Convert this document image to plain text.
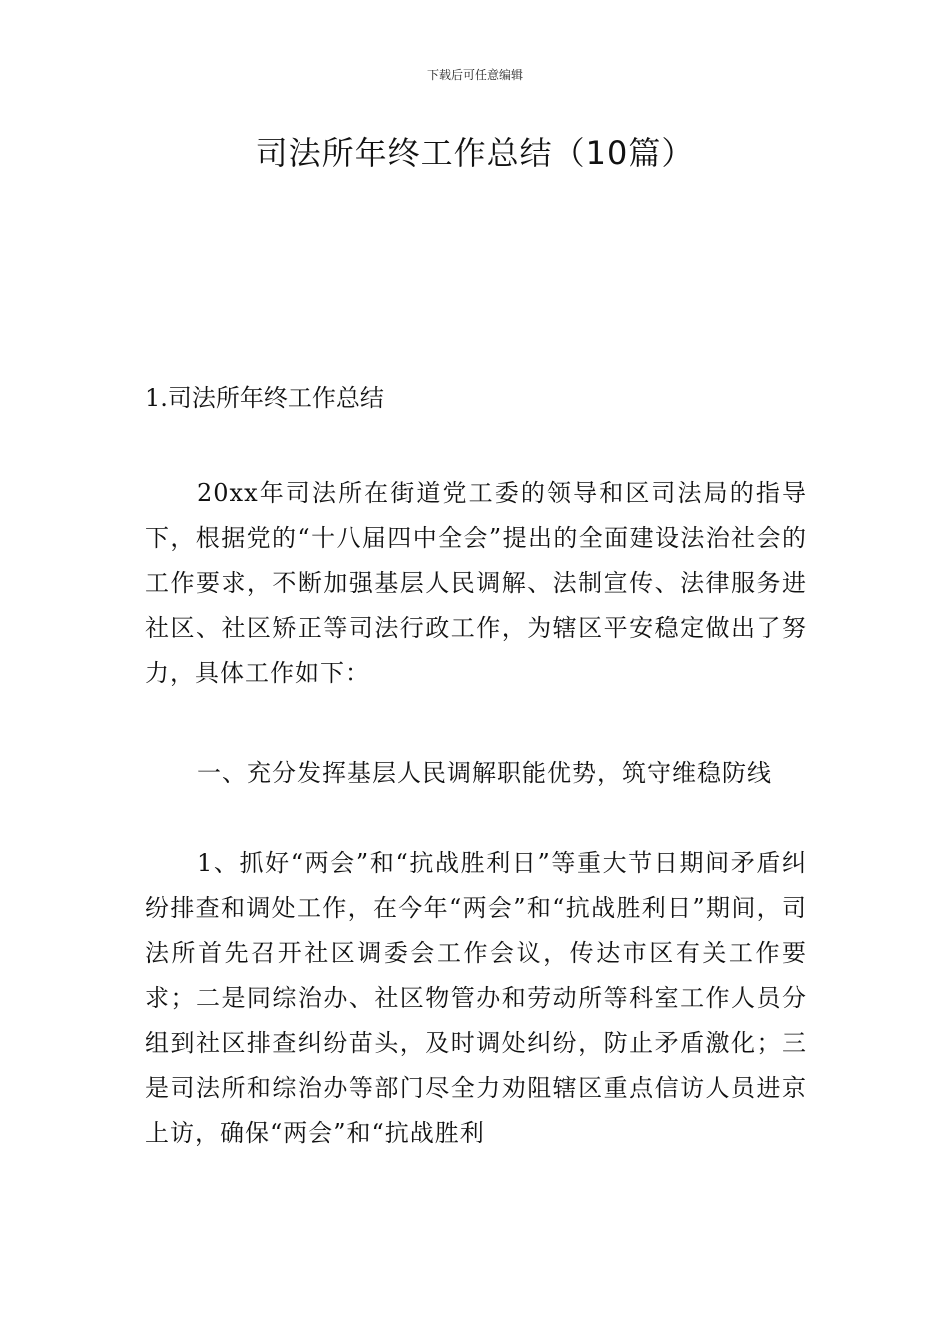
下载后可任意编辑
司法所年终工作总结（10篇）

1.司法所年终工作总结

20xx年司法所在街道党工委的领导和区司法局的指导下，根据党的“十八届四中全会”提出的全面建设法治社会的工作要求，不断加强基层人民调解、法制宣传、法律服务进社区、社区矫正等司法行政工作，为辖区平安稳定做出了努力，具体工作如下：

一、充分发挥基层人民调解职能优势，筑守维稳防线

1、抓好“两会”和“抗战胜利日”等重大节日期间矛盾纠纷排查和调处工作，在今年“两会”和“抗战胜利日”期间，司法所首先召开社区调委会工作会议，传达市区有关工作要求；二是同综治办、社区物管办和劳动所等科室工作人员分组到社区排查纠纷苗头，及时调处纠纷，防止矛盾激化；三是司法所和综治办等部门尽全力劝阻辖区重点信访人员进京上访，确保“两会”和“抗战胜利
